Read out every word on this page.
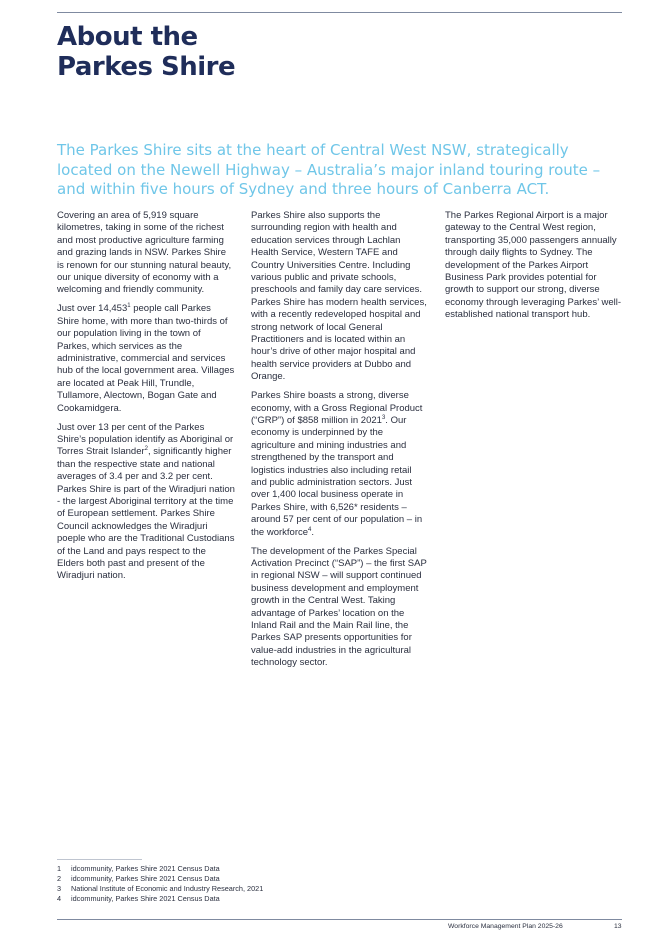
About the
Parkes Shire

The Parkes Shire sits at the heart of Central West NSW, strategically located on the Newell Highway – Australia’s major inland touring route – and within five hours of Sydney and three hours of Canberra ACT.

Covering an area of 5,919 square kilometres, taking in some of the richest and most productive agriculture farming and grazing lands in NSW. Parkes Shire is renown for our stunning natural beauty, our unique diversity of economy with a welcoming and friendly community.

Just over 14,453$^1$ people call Parkes Shire home, with more than two-thirds of our population living in the town of Parkes, which services as the administrative, commercial and services hub of the local government area. Villages are located at Peak Hill, Trundle, Tullamore, Alectown, Bogan Gate and Cookamidgera.

Just over 13 per cent of the Parkes Shire’s population identify as Aboriginal or Torres Strait Islander$^2$, significantly higher than the respective state and national averages of 3.4 per and 3.2 per cent. Parkes Shire is part of the Wiradjuri nation - the largest Aboriginal territory at the time of European settlement. Parkes Shire Council acknowledges the Wiradjuri poeple who are the Traditional Custodians of the Land and pays respect to the Elders both past and present of the Wiradjuri nation.

Parkes Shire also supports the surrounding region with health and education services through Lachlan Health Service, Western TAFE and Country Universities Centre. Including various public and private schools, preschools and family day care services. Parkes Shire has modern health services, with a recently redeveloped hospital and strong network of local General Practitioners and is located within an hour’s drive of other major hospital and health service providers at Dubbo and Orange.

Parkes Shire boasts a strong, diverse economy, with a Gross Regional Product (“GRP”) of $858 million in 2021$^3$. Our economy is underpinned by the agriculture and mining industries and strengthened by the transport and logistics industries also including retail and public administration sectors. Just over 1,400 local business operate in Parkes Shire, with 6,526* residents – around 57 per cent of our population – in the workforce$^4$.

The development of the Parkes Special Activation Precinct (“SAP”) – the first SAP in regional NSW – will support continued business development and employment growth in the Central West. Taking advantage of Parkes’ location on the Inland Rail and the Main Rail line, the Parkes SAP presents opportunities for value-add industries in the agricultural technology sector.

The Parkes Regional Airport is a major gateway to the Central West region, transporting 35,000 passengers annually through daily flights to Sydney. The development of the Parkes Airport Business Park provides potential for growth to support our strong, diverse economy through leveraging Parkes’ well-established national transport hub.

1	idcommunity, Parkes Shire 2021 Census Data
2	idcommunity, Parkes Shire 2021 Census Data
3	National Institute of Economic and Industry Research, 2021
4	idcommunity, Parkes Shire 2021 Census Data
Workforce Management Plan 2025-26	13
